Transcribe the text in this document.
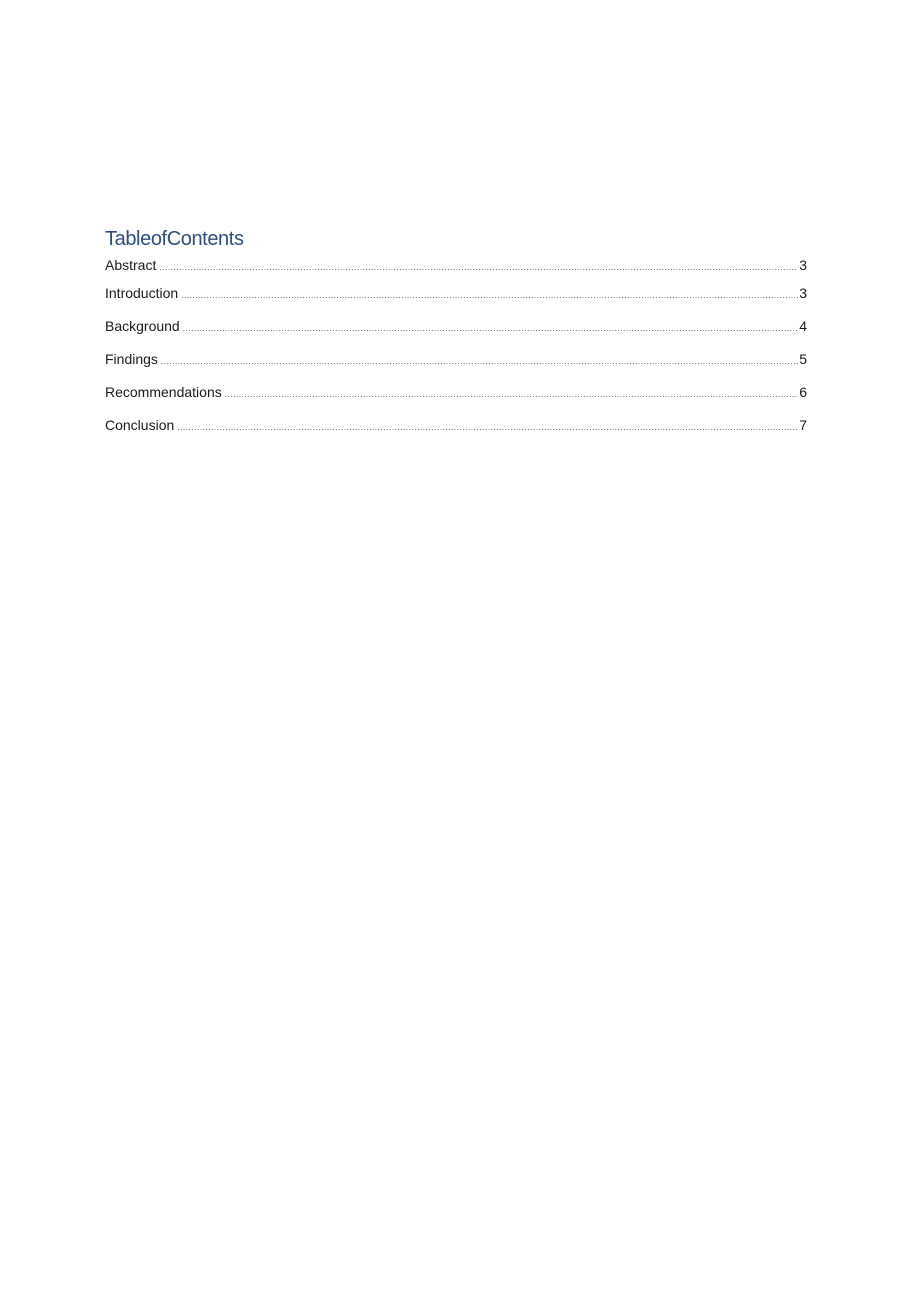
TableofContents
Abstract .....	3
Introduction .....	3
Background .....	4
Findings .....	5
Recommendations .....	6
Conclusion .....	7
